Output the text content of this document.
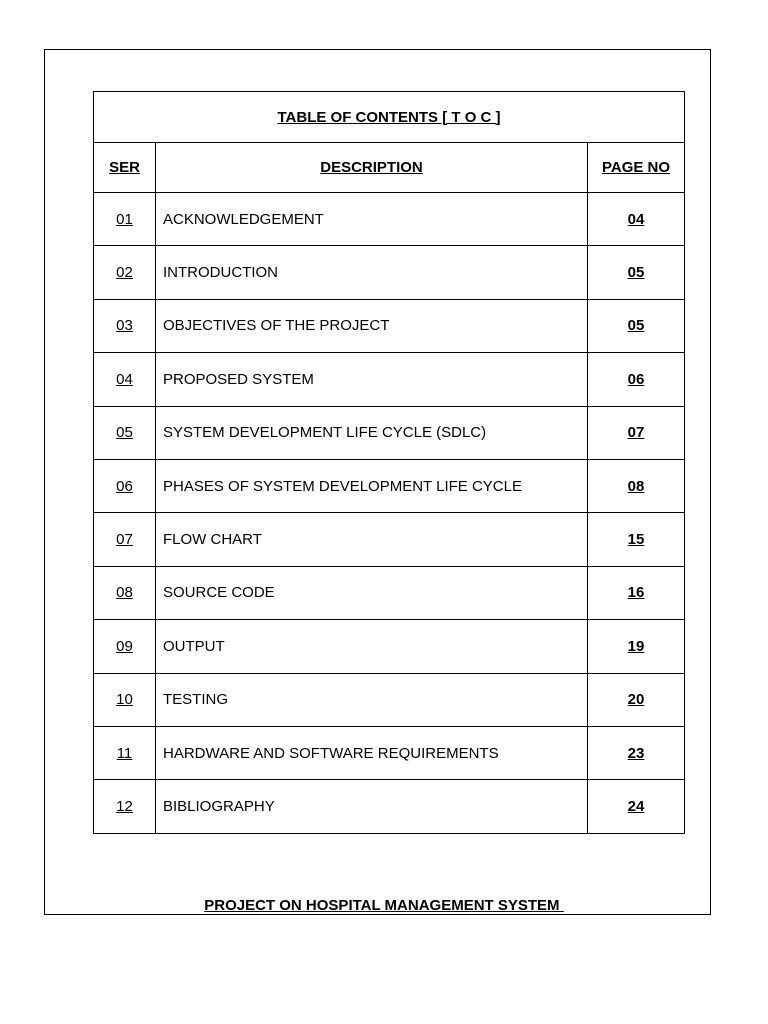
TABLE OF CONTENTS [ T O C ]		
SER	DESCRIPTION	PAGE NO
01	ACKNOWLEDGEMENT	04
02	INTRODUCTION	05
03	OBJECTIVES OF THE PROJECT	05
04	PROPOSED SYSTEM	06
05	SYSTEM DEVELOPMENT LIFE CYCLE (SDLC)	07
06	PHASES OF SYSTEM DEVELOPMENT LIFE CYCLE	08
07	FLOW CHART	15
08	SOURCE CODE	16
09	OUTPUT	19
10	TESTING	20
11	HARDWARE AND SOFTWARE REQUIREMENTS	23
12	BIBLIOGRAPHY	24
PROJECT ON HOSPITAL MANAGEMENT SYSTEM
